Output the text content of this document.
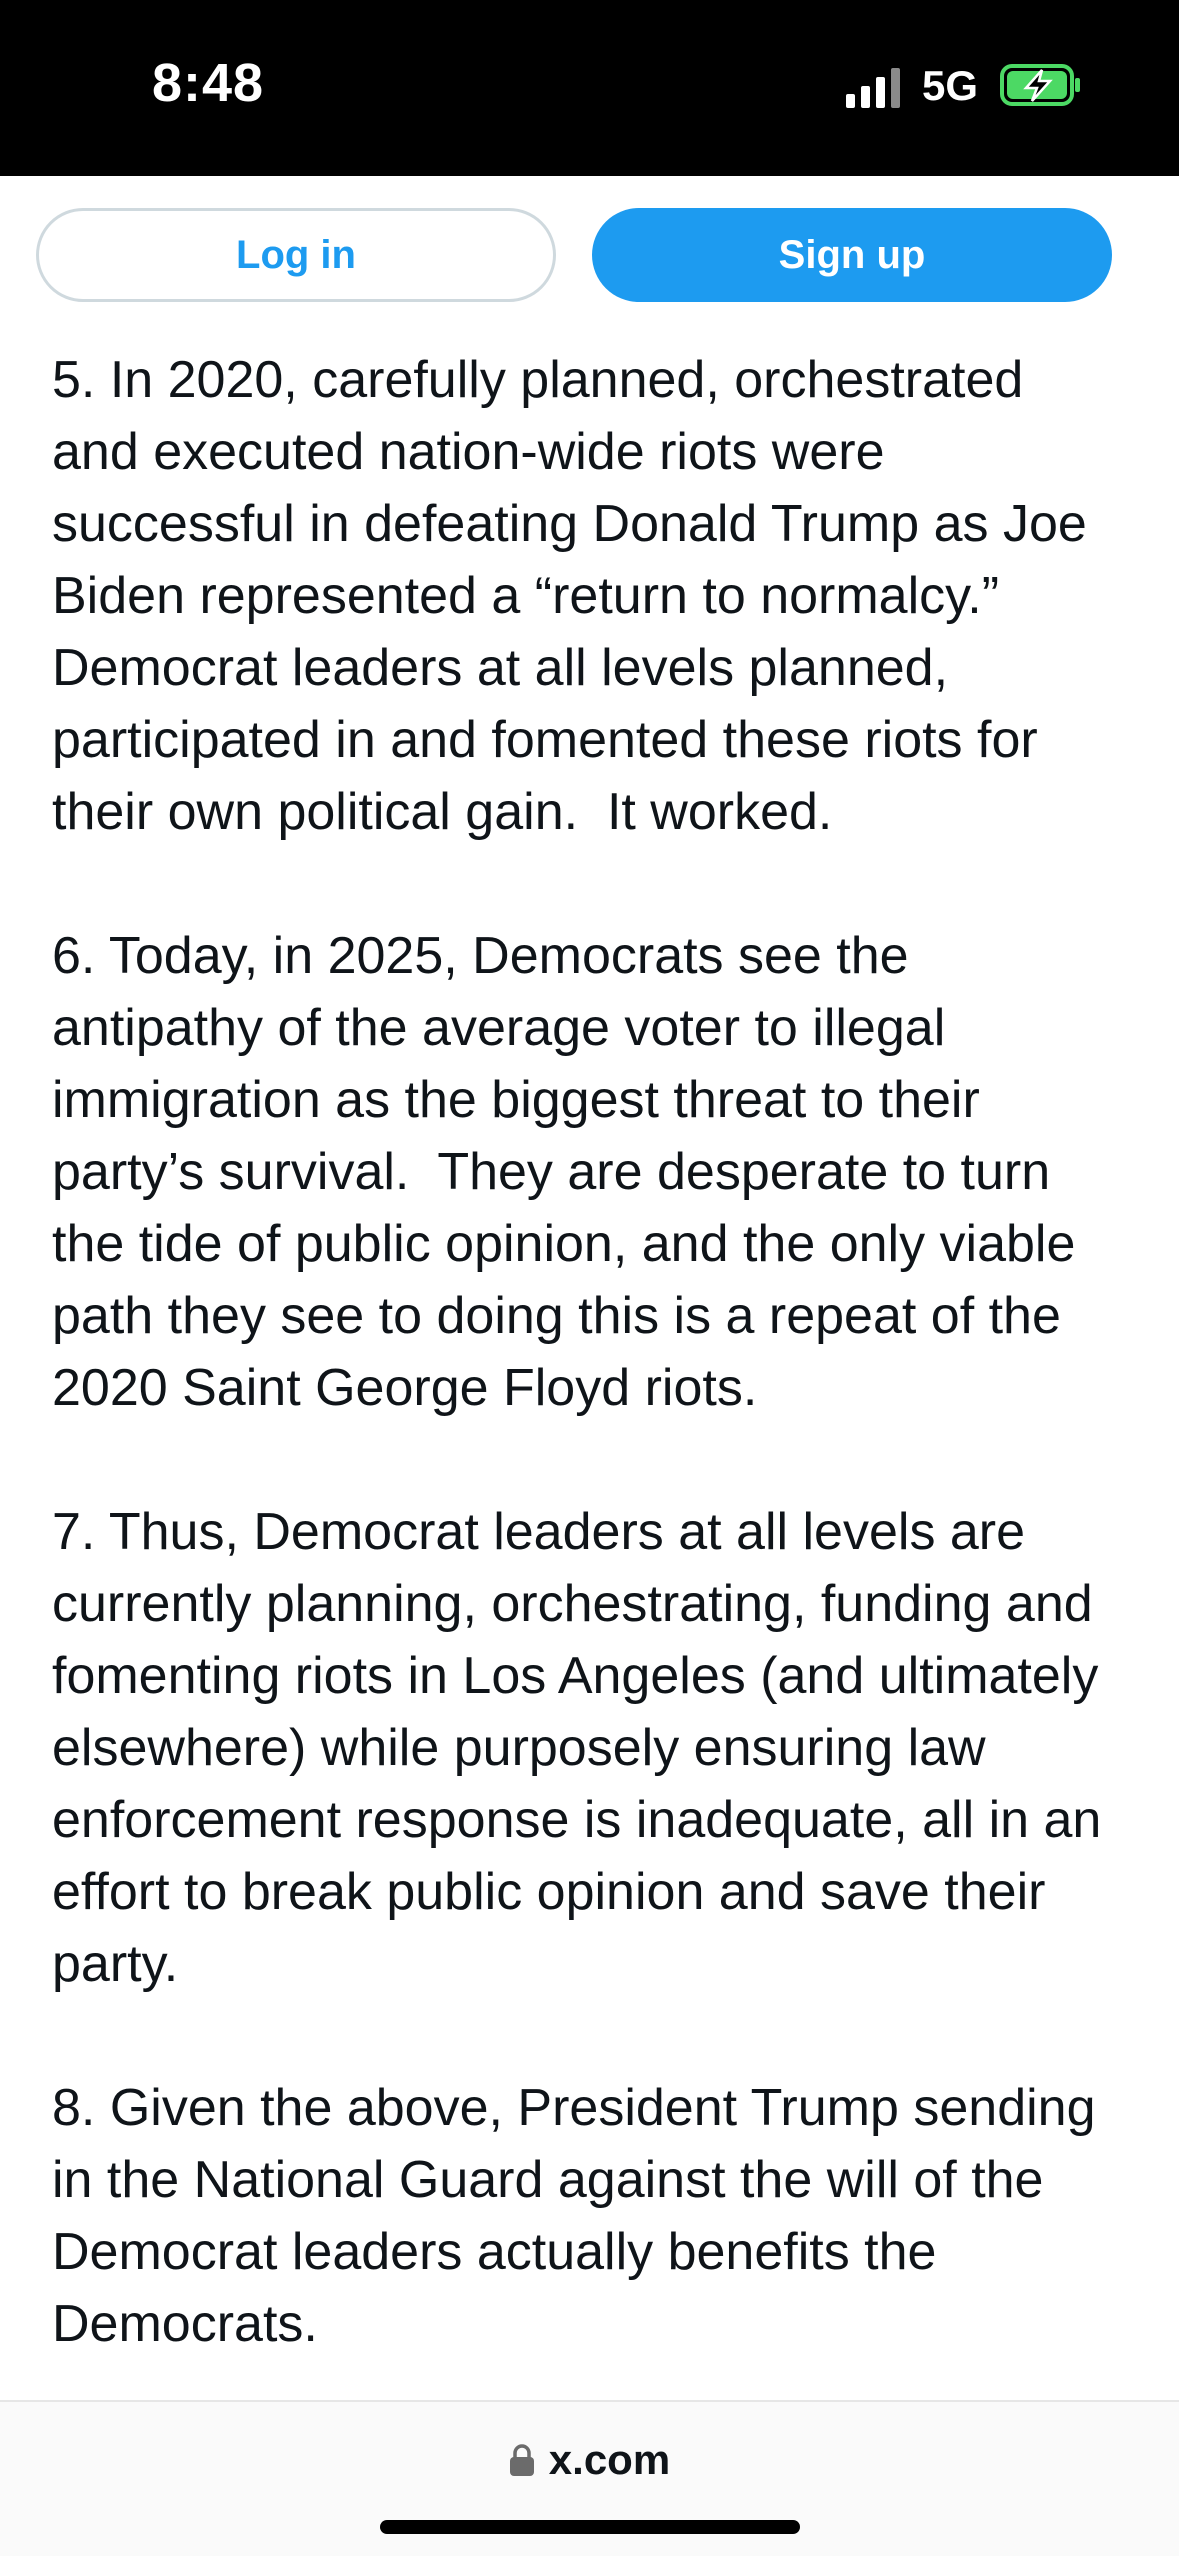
8:48	5G
Log in	Sign up
5. In 2020, carefully planned, orchestrated
and executed nation-wide riots were
successful in defeating Donald Trump as Joe
Biden represented a “return to normalcy.”
Democrat leaders at all levels planned,
participated in and fomented these riots for
their own political gain.  It worked.
6. Today, in 2025, Democrats see the
antipathy of the average voter to illegal
immigration as the biggest threat to their
party’s survival.  They are desperate to turn
the tide of public opinion, and the only viable
path they see to doing this is a repeat of the
2020 Saint George Floyd riots.
7. Thus, Democrat leaders at all levels are
currently planning, orchestrating, funding and
fomenting riots in Los Angeles (and ultimately
elsewhere) while purposely ensuring law
enforcement response is inadequate, all in an
effort to break public opinion and save their
party.
8. Given the above, President Trump sending
in the National Guard against the will of the
Democrat leaders actually benefits the
Democrats.
x.com
